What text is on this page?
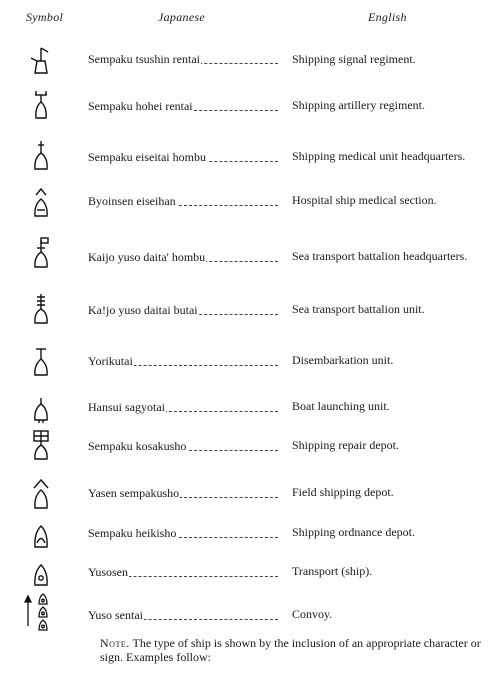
Symbol	Japanese	English
Sempaku tsushin rentai	Shipping signal regiment.
Sempaku hohei rentai	Shipping artillery regiment.
Sempaku eiseitai hombu	Shipping medical unit headquarters.
Byoinsen eiseihan	Hospital ship medical section.
Kaijo yuso daita' hombu	Sea transport battalion headquarters.
Ka!jo yuso daitai butai	Sea transport battalion unit.
Yorikutai	Disembarkation unit.
Hansui sagyotai	Boat launching unit.
Sempaku kosakusho	Shipping repair depot.
Yasen sempakusho	Field shipping depot.
Sempaku heikisho	Shipping ordnance depot.
Yusosen	Transport (ship).
Yuso sentai	Convoy.
Note. The type of ship is shown by the inclusion of an appropriate character or sign. Examples follow:
